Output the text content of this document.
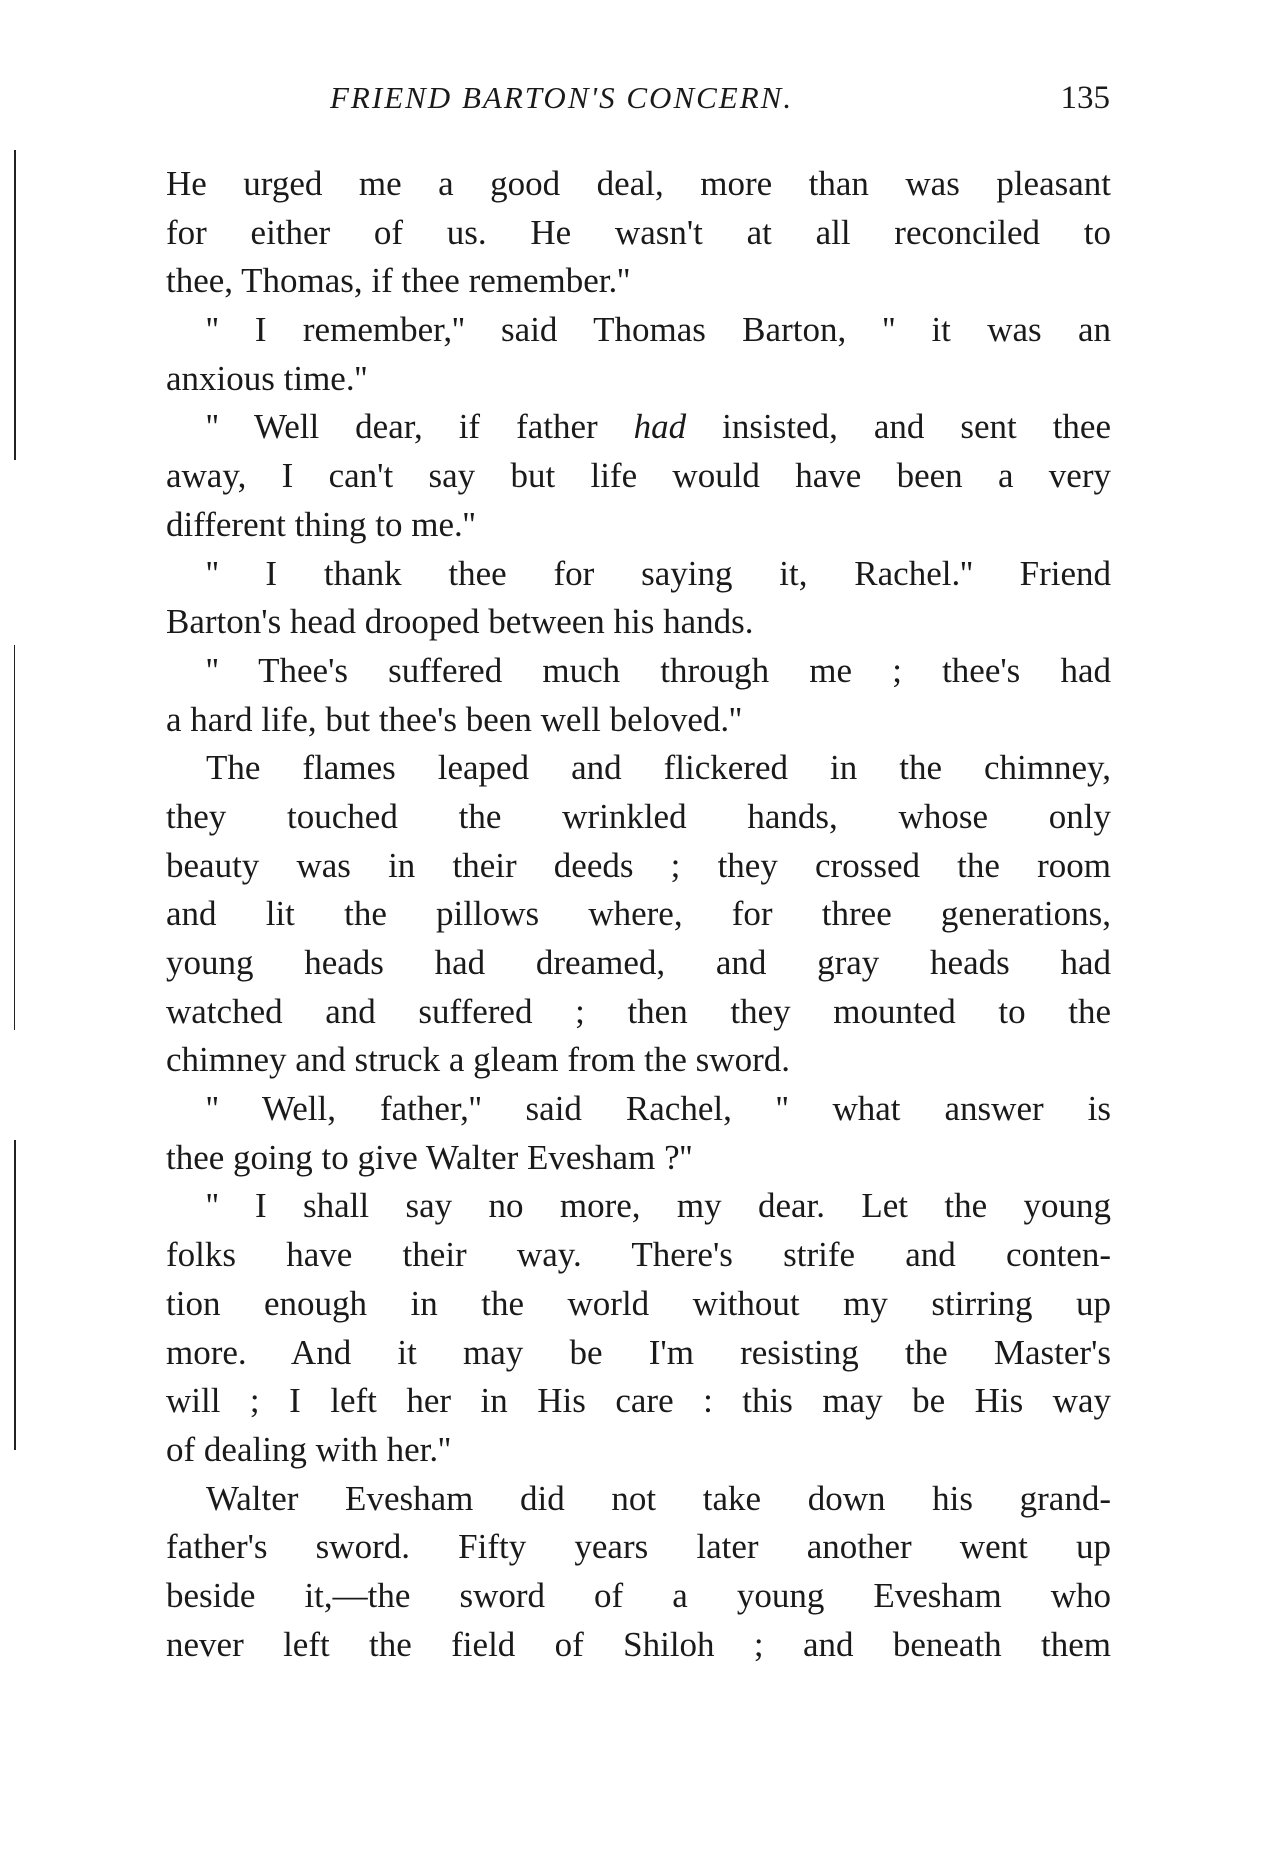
FRIEND BARTON'S CONCERN.	135
He urged me a good deal, more than was pleasant
for either of us. He wasn't at all reconciled to
thee, Thomas, if thee remember.''
'' I remember,'' said Thomas Barton, '' it was an
anxious time.''
'' Well dear, if father had insisted, and sent thee
away, I can't say but life would have been a very
different thing to me.''
'' I thank thee for saying it, Rachel.'' Friend
Barton's head drooped between his hands.
'' Thee's suffered much through me ; thee's had
a hard life, but thee's been well beloved.''
The flames leaped and flickered in the chimney,
they touched the wrinkled hands, whose only
beauty was in their deeds ; they crossed the room
and lit the pillows where, for three generations,
young heads had dreamed, and gray heads had
watched and suffered ; then they mounted to the
chimney and struck a gleam from the sword.
'' Well, father,'' said Rachel, '' what answer is
thee going to give Walter Evesham ?''
'' I shall say no more, my dear. Let the young
folks have their way. There's strife and conten-
tion enough in the world without my stirring up
more. And it may be I'm resisting the Master's
will ; I left her in His care : this may be His way
of dealing with her.''
Walter Evesham did not take down his grand-
father's sword. Fifty years later another went up
beside it,—the sword of a young Evesham who
never left the field of Shiloh ; and beneath them
